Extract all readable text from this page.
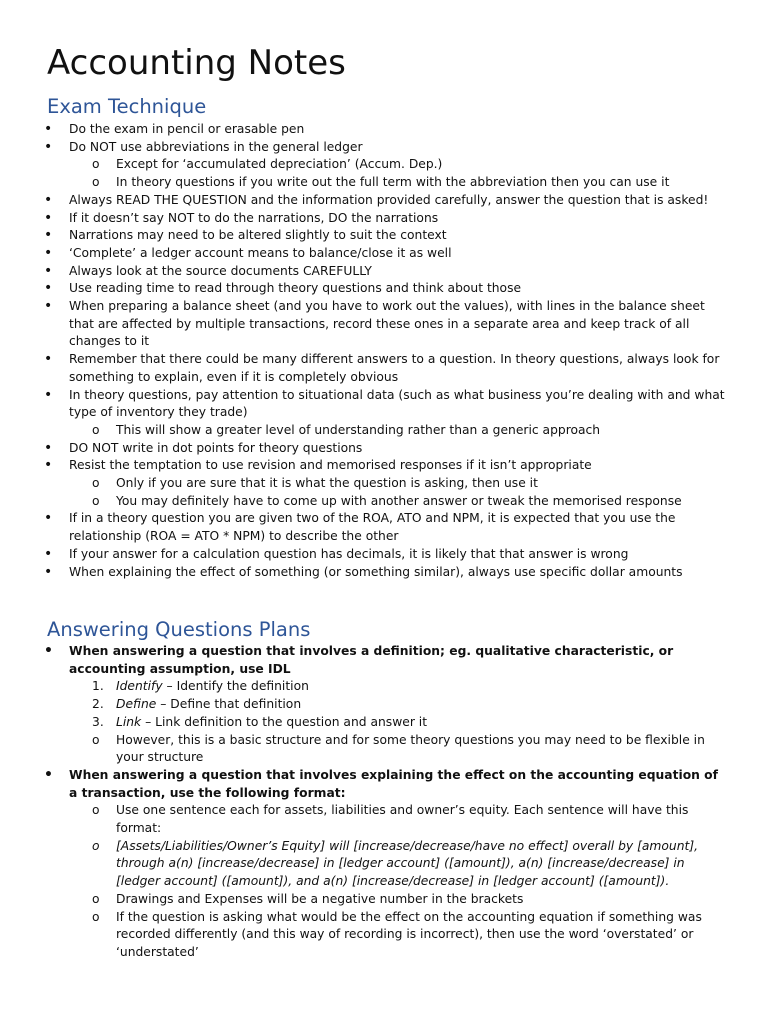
Accounting Notes
Exam Technique
• Do the exam in pencil or erasable pen
• Do NOT use abbreviations in the general ledger
o Except for ‘accumulated depreciation’ (Accum. Dep.)
o In theory questions if you write out the full term with the abbreviation then you can use it
• Always READ THE QUESTION and the information provided carefully, answer the question that is asked!
• If it doesn’t say NOT to do the narrations, DO the narrations
• Narrations may need to be altered slightly to suit the context
• ‘Complete’ a ledger account means to balance/close it as well
• Always look at the source documents CAREFULLY
• Use reading time to read through theory questions and think about those
• When preparing a balance sheet (and you have to work out the values), with lines in the balance sheet that are affected by multiple transactions, record these ones in a separate area and keep track of all changes to it
• Remember that there could be many different answers to a question. In theory questions, always look for something to explain, even if it is completely obvious
• In theory questions, pay attention to situational data (such as what business you’re dealing with and what type of inventory they trade)
o This will show a greater level of understanding rather than a generic approach
• DO NOT write in dot points for theory questions
• Resist the temptation to use revision and memorised responses if it isn’t appropriate
o Only if you are sure that it is what the question is asking, then use it
o You may definitely have to come up with another answer or tweak the memorised response
• If in a theory question you are given two of the ROA, ATO and NPM, it is expected that you use the relationship (ROA = ATO * NPM) to describe the other
• If your answer for a calculation question has decimals, it is likely that that answer is wrong
• When explaining the effect of something (or something similar), always use specific dollar amounts
Answering Questions Plans
• When answering a question that involves a definition; eg. qualitative characteristic, or accounting assumption, use IDL
1. Identify – Identify the definition
2. Define – Define that definition
3. Link – Link definition to the question and answer it
o However, this is a basic structure and for some theory questions you may need to be flexible in your structure
• When answering a question that involves explaining the effect on the accounting equation of a transaction, use the following format:
o Use one sentence each for assets, liabilities and owner’s equity. Each sentence will have this format:
o [Assets/Liabilities/Owner’s Equity] will [increase/decrease/have no effect] overall by [amount], through a(n) [increase/decrease] in [ledger account] ([amount]), a(n) [increase/decrease] in [ledger account] ([amount]), and a(n) [increase/decrease] in [ledger account] ([amount]).
o Drawings and Expenses will be a negative number in the brackets
o If the question is asking what would be the effect on the accounting equation if something was recorded differently (and this way of recording is incorrect), then use the word ‘overstated’ or ‘understated’
